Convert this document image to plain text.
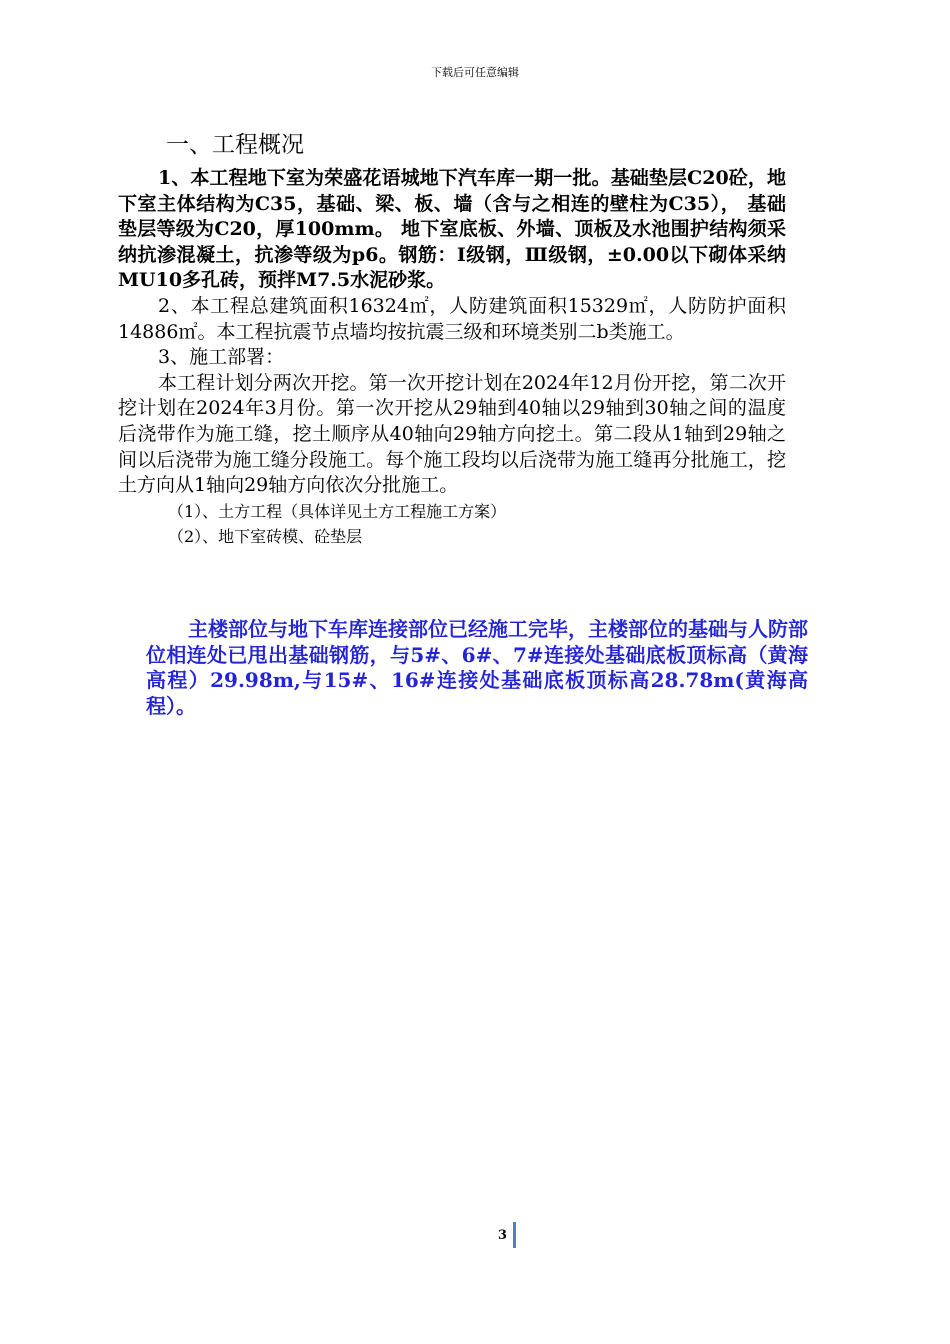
下载后可任意编辑
一、工程概况

1、本工程地下室为荣盛花语城地下汽车库一期一批。基础垫层C20砼，地下室主体结构为C35，基础、梁、板、墙（含与之相连的壁柱为C35）， 基础垫层等级为C20，厚100mm。 地下室底板、外墙、顶板及水池围护结构须采纳抗渗混凝土，抗渗等级为p6。钢筋：Ⅰ级钢，Ⅲ级钢，±0.00以下砌体采纳MU10多孔砖，预拌M7.5水泥砂浆。

2、本工程总建筑面积16324㎡，人防建筑面积15329㎡，人防防护面积14886㎡。本工程抗震节点墙均按抗震三级和环境类别二b类施工。

3、施工部署：

本工程计划分两次开挖。第一次开挖计划在2024年12月份开挖，第二次开挖计划在2024年3月份。第一次开挖从29轴到40轴以29轴到30轴之间的温度后浇带作为施工缝，挖土顺序从40轴向29轴方向挖土。第二段从1轴到29轴之间以后浇带为施工缝分段施工。每个施工段均以后浇带为施工缝再分批施工，挖土方向从1轴向29轴方向依次分批施工。

（1）、土方工程（具体详见土方工程施工方案）
（2）、地下室砖模、砼垫层

主楼部位与地下车库连接部位已经施工完毕，主楼部位的基础与人防部位相连处已甩出基础钢筋，与5#、6#、7#连接处基础底板顶标高（黄海高程）29.98m,与15#、16#连接处基础底板顶标高28.78m(黄海高程）。

3
